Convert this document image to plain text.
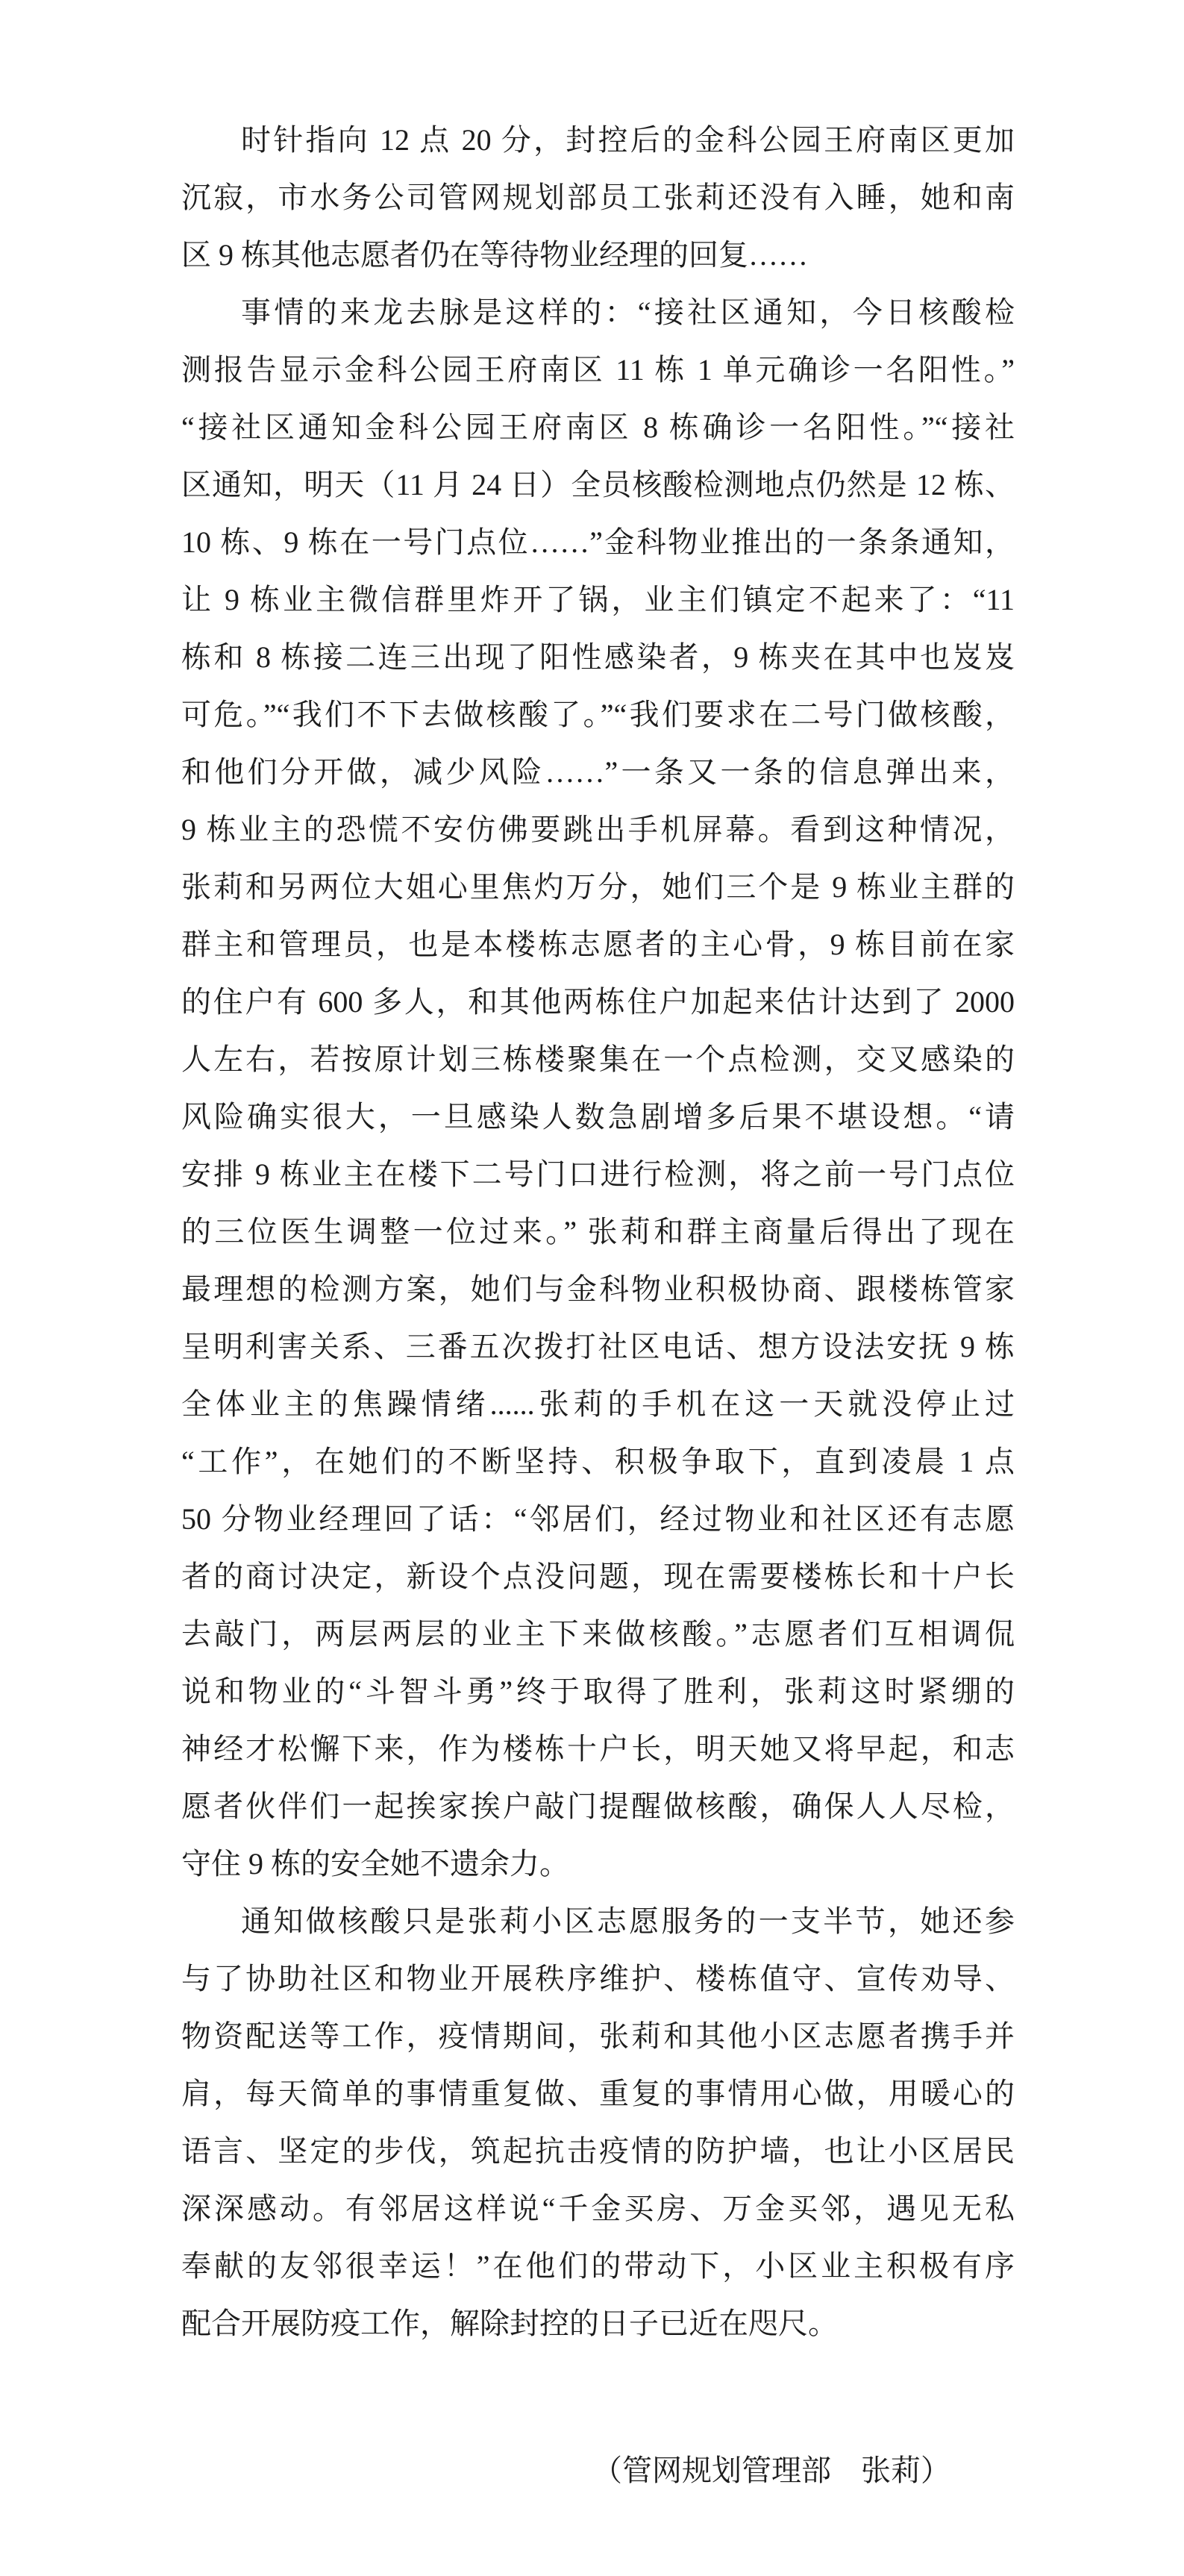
时针指向 12 点 20 分，封控后的金科公园王府南区更加
沉寂，市水务公司管网规划部员工张莉还没有入睡，她和南
区 9 栋其他志愿者仍在等待物业经理的回复……
事情的来龙去脉是这样的：“接社区通知，今日核酸检
测报告显示金科公园王府南区 11 栋 1 单元确诊一名阳性。”
“接社区通知金科公园王府南区 8 栋确诊一名阳性。”“接社
区通知，明天（11 月 24 日）全员核酸检测地点仍然是 12 栋、
10 栋、9 栋在一号门点位……”金科物业推出的一条条通知，
让 9 栋业主微信群里炸开了锅，业主们镇定不起来了：“11
栋和 8 栋接二连三出现了阳性感染者，9 栋夹在其中也岌岌
可危。”“我们不下去做核酸了。”“我们要求在二号门做核酸，
和他们分开做，减少风险……”一条又一条的信息弹出来，
9 栋业主的恐慌不安仿佛要跳出手机屏幕。看到这种情况，
张莉和另两位大姐心里焦灼万分，她们三个是 9 栋业主群的
群主和管理员，也是本楼栋志愿者的主心骨，9 栋目前在家
的住户有 600 多人，和其他两栋住户加起来估计达到了 2000
人左右，若按原计划三栋楼聚集在一个点检测，交叉感染的
风险确实很大，一旦感染人数急剧增多后果不堪设想。“请
安排 9 栋业主在楼下二号门口进行检测，将之前一号门点位
的三位医生调整一位过来。” 张莉和群主商量后得出了现在
最理想的检测方案，她们与金科物业积极协商、跟楼栋管家
呈明利害关系、三番五次拨打社区电话、想方设法安抚 9 栋
全体业主的焦躁情绪......张莉的手机在这一天就没停止过
“工作”，在她们的不断坚持、积极争取下，直到凌晨 1 点
50 分物业经理回了话：“邻居们，经过物业和社区还有志愿
者的商讨决定，新设个点没问题，现在需要楼栋长和十户长
去敲门，两层两层的业主下来做核酸。”志愿者们互相调侃
说和物业的“斗智斗勇”终于取得了胜利，张莉这时紧绷的
神经才松懈下来，作为楼栋十户长，明天她又将早起，和志
愿者伙伴们一起挨家挨户敲门提醒做核酸，确保人人尽检，
守住 9 栋的安全她不遗余力。
通知做核酸只是张莉小区志愿服务的一支半节，她还参
与了协助社区和物业开展秩序维护、楼栋值守、宣传劝导、
物资配送等工作，疫情期间，张莉和其他小区志愿者携手并
肩，每天简单的事情重复做、重复的事情用心做，用暖心的
语言、坚定的步伐，筑起抗击疫情的防护墙，也让小区居民
深深感动。有邻居这样说“千金买房、万金买邻，遇见无私
奉献的友邻很幸运！”在他们的带动下，小区业主积极有序
配合开展防疫工作，解除封控的日子已近在咫尺。
（管网规划管理部　张莉）
